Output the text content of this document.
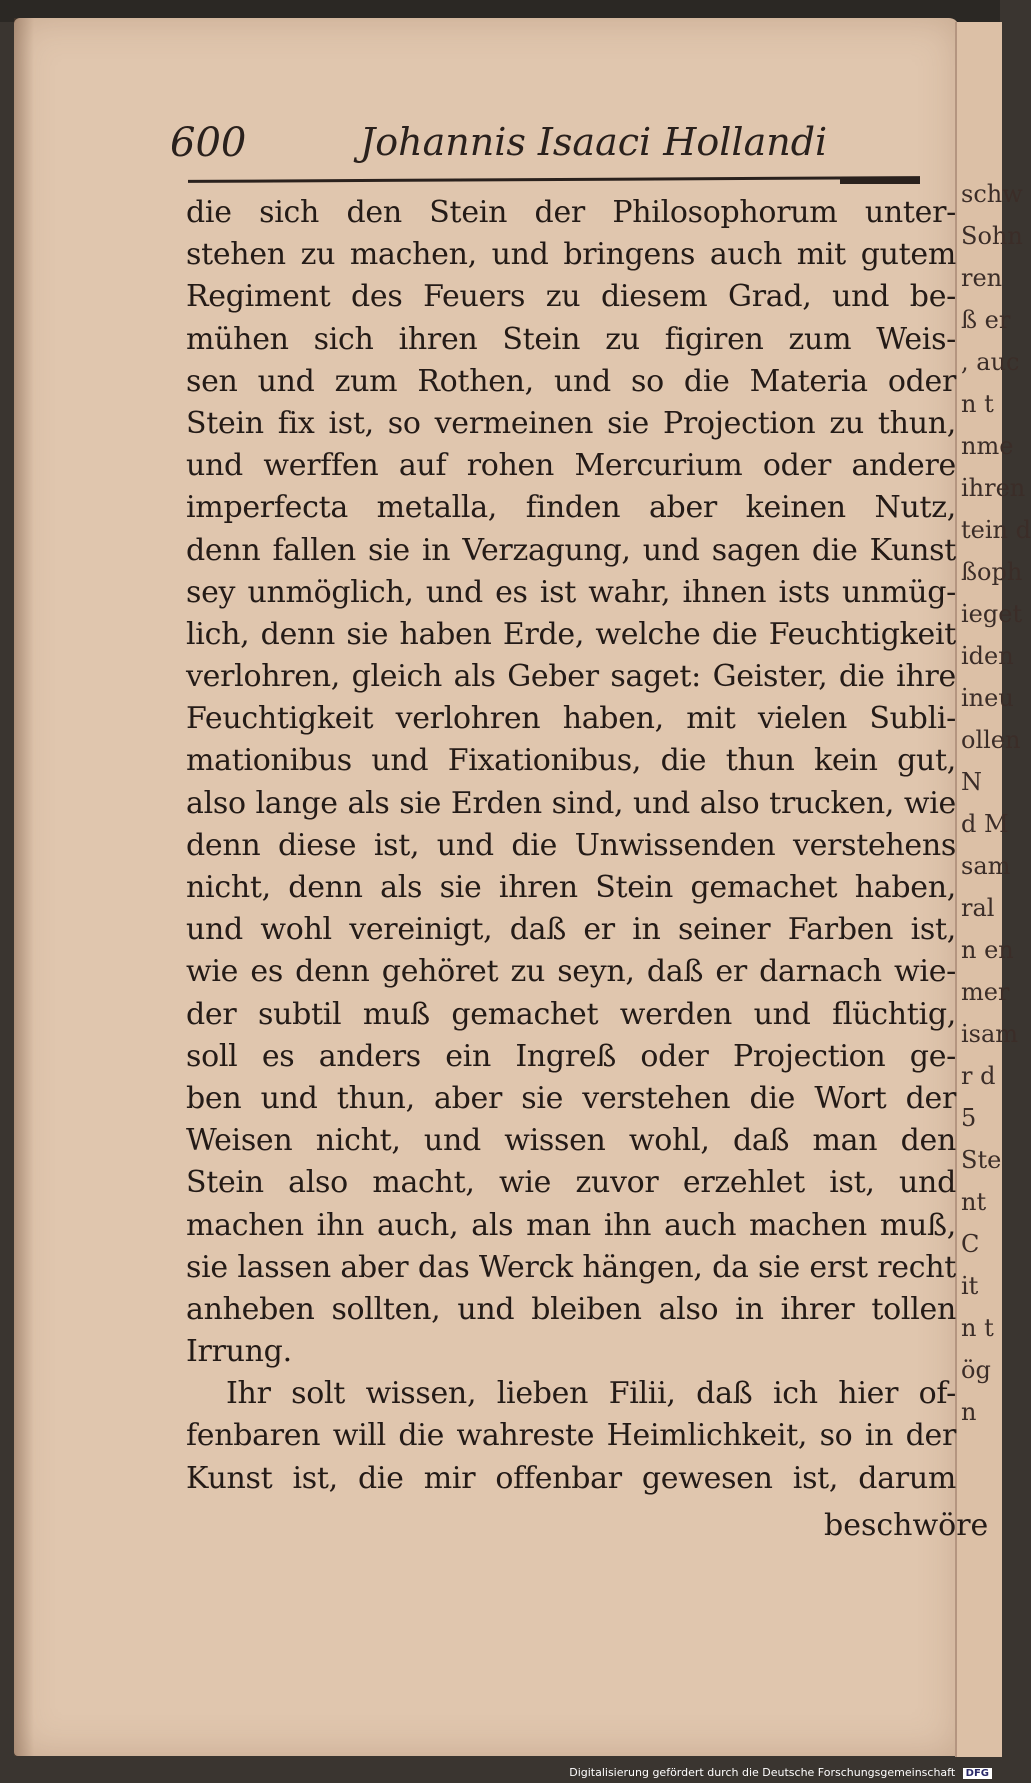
schw
Sohn
ren
ß er
, auc
n t
nme
ihren
tein d
ßoph
ieget
iden
ineu
ollen
N
d M
sam
ral
n en
mer
isam
r d
5
Ste
nt
C
it
n t
ög
n
600	Johannis Isaaci Hollandi
die sich den Stein der Philosophorum unter-
stehen zu machen, und bringens auch mit gutem
Regiment des Feuers zu diesem Grad, und be-
mühen sich ihren Stein zu figiren zum Weis-
sen und zum Rothen, und so die Materia oder
Stein fix ist, so vermeinen sie Projection zu thun,
und werffen auf rohen Mercurium oder andere
imperfecta metalla, finden aber keinen Nutz,
denn fallen sie in Verzagung, und sagen die Kunst
sey unmöglich, und es ist wahr, ihnen ists unmüg-
lich, denn sie haben Erde, welche die Feuchtigkeit
verlohren, gleich als Geber saget: Geister, die ihre
Feuchtigkeit verlohren haben, mit vielen Subli-
mationibus und Fixationibus, die thun kein gut,
also lange als sie Erden sind, und also trucken, wie
denn diese ist, und die Unwissenden verstehens
nicht, denn als sie ihren Stein gemachet haben,
und wohl vereinigt, daß er in seiner Farben ist,
wie es denn gehöret zu seyn, daß er darnach wie-
der subtil muß gemachet werden und flüchtig,
soll es anders ein Ingreß oder Projection ge-
ben und thun, aber sie verstehen die Wort der
Weisen nicht, und wissen wohl, daß man den
Stein also macht, wie zuvor erzehlet ist, und
machen ihn auch, als man ihn auch machen muß,
sie lassen aber das Werck hängen, da sie erst recht
anheben sollten, und bleiben also in ihrer tollen
Irrung.
Ihr solt wissen, lieben Filii, daß ich hier of-
fenbaren will die wahreste Heimlichkeit, so in der
Kunst ist, die mir offenbar gewesen ist, darum
beschwöre
Digitalisierung gefördert durch die Deutsche Forschungsgemeinschaft DFG
